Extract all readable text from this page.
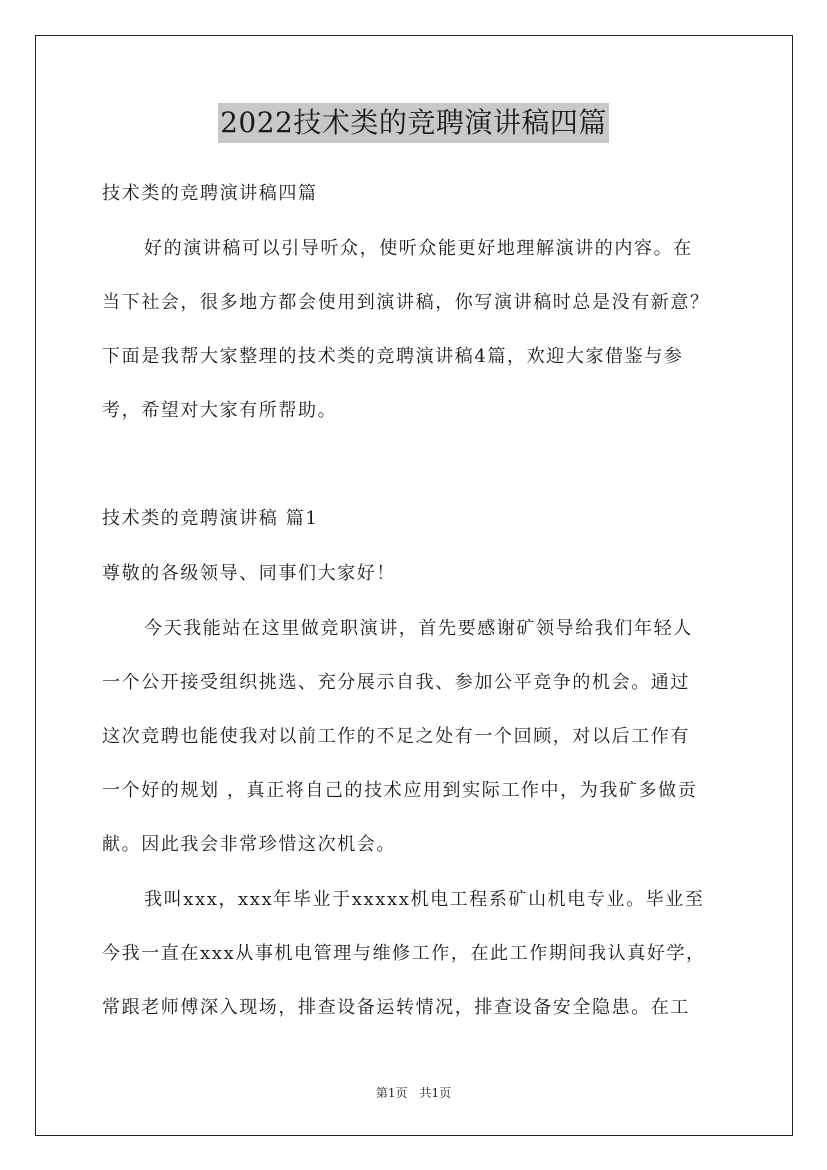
2022技术类的竞聘演讲稿四篇
技术类的竞聘演讲稿四篇
好的演讲稿可以引导听众，使听众能更好地理解演讲的内容。在
当下社会，很多地方都会使用到演讲稿，你写演讲稿时总是没有新意？
下面是我帮大家整理的技术类的竞聘演讲稿4篇，欢迎大家借鉴与参
考，希望对大家有所帮助。
技术类的竞聘演讲稿 篇1
尊敬的各级领导、同事们大家好！
今天我能站在这里做竞职演讲，首先要感谢矿领导给我们年轻人
一个公开接受组织挑选、充分展示自我、参加公平竞争的机会。通过
这次竞聘也能使我对以前工作的不足之处有一个回顾，对以后工作有
一个好的规划 ，真正将自己的技术应用到实际工作中，为我矿多做贡
献。因此我会非常珍惜这次机会。
我叫xxx，xxx年毕业于xxxxx机电工程系矿山机电专业。毕业至
今我一直在xxx从事机电管理与维修工作，在此工作期间我认真好学，
常跟老师傅深入现场，排查设备运转情况，排查设备安全隐患。在工
第1页　共1页
